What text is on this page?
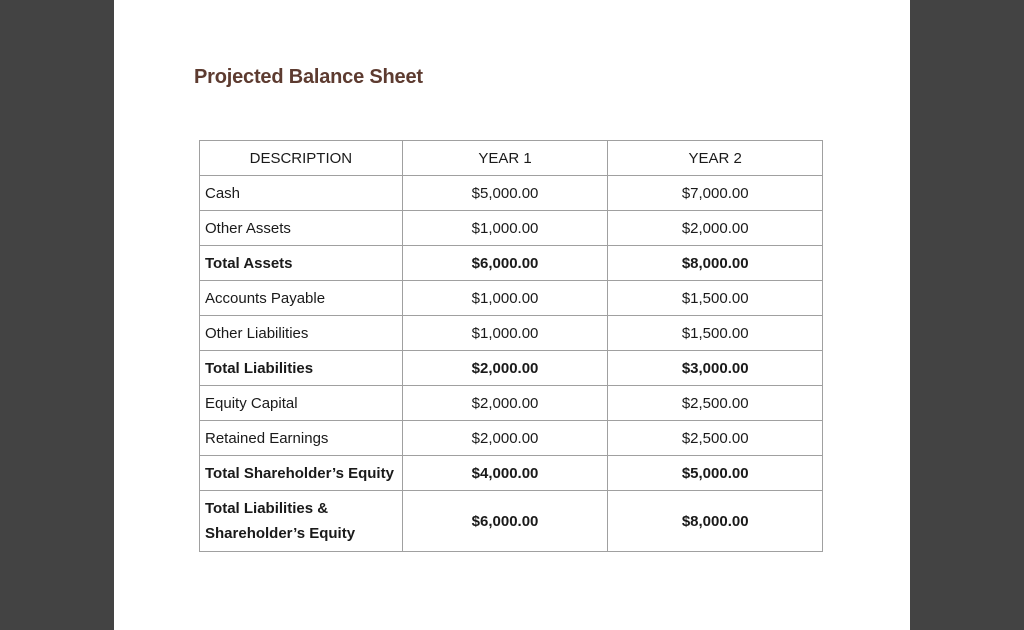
Projected Balance Sheet
DESCRIPTION	YEAR 1	YEAR 2
Cash	$5,000.00	$7,000.00
Other Assets	$1,000.00	$2,000.00
Total Assets	$6,000.00	$8,000.00
Accounts Payable	$1,000.00	$1,500.00
Other Liabilities	$1,000.00	$1,500.00
Total Liabilities	$2,000.00	$3,000.00
Equity Capital	$2,000.00	$2,500.00
Retained Earnings	$2,000.00	$2,500.00
Total Shareholder’s Equity	$4,000.00	$5,000.00
Total Liabilities & Shareholder’s Equity	$6,000.00	$8,000.00
